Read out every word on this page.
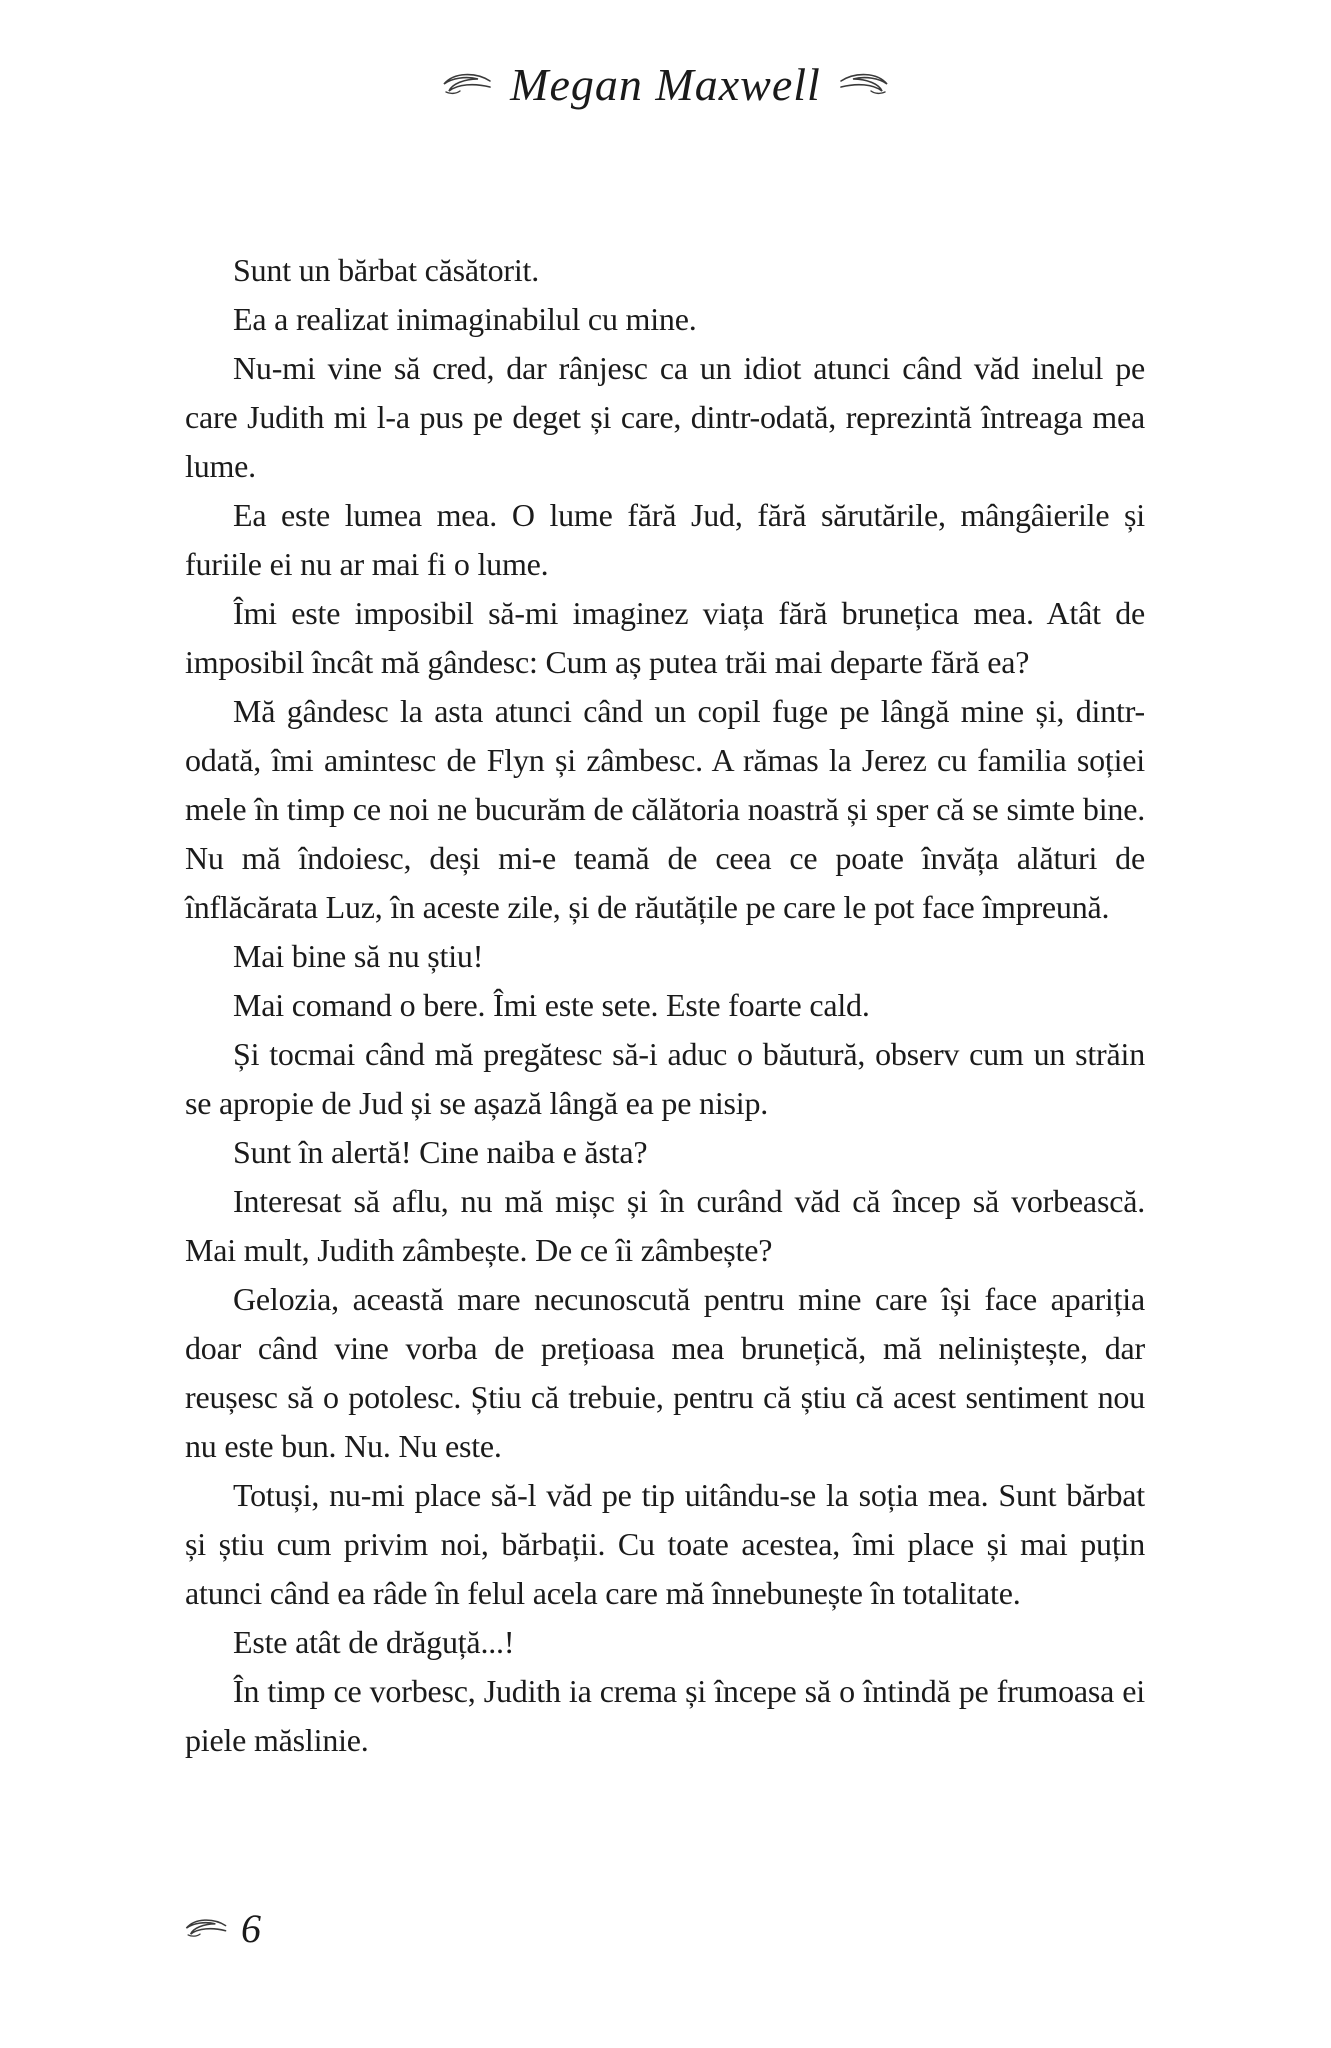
Megan Maxwell

Sunt un bărbat căsătorit.

Ea a realizat inimaginabilul cu mine.

Nu-mi vine să cred, dar rânjesc ca un idiot atunci când văd inelul pe care Judith mi l-a pus pe deget și care, dintr-odată, reprezintă întreaga mea lume.

Ea este lumea mea. O lume fără Jud, fără sărutările, mângâierile și furiile ei nu ar mai fi o lume.

Îmi este imposibil să-mi imaginez viața fără brunețica mea. Atât de imposibil încât mă gândesc: Cum aș putea trăi mai departe fără ea?

Mă gândesc la asta atunci când un copil fuge pe lângă mine și, dintr-odată, îmi amintesc de Flyn și zâmbesc. A rămas la Jerez cu familia soției mele în timp ce noi ne bucurăm de călătoria noastră și sper că se simte bine. Nu mă îndoiesc, deși mi-e teamă de ceea ce poate învăța alături de înflăcărata Luz, în aceste zile, și de răutățile pe care le pot face împreună.

Mai bine să nu știu!

Mai comand o bere. Îmi este sete. Este foarte cald.

Și tocmai când mă pregătesc să-i aduc o băutură, observ cum un străin se apropie de Jud și se așază lângă ea pe nisip.

Sunt în alertă! Cine naiba e ăsta?

Interesat să aflu, nu mă mișc și în curând văd că încep să vorbească. Mai mult, Judith zâmbește. De ce îi zâmbește?

Gelozia, această mare necunoscută pentru mine care își face apariția doar când vine vorba de prețioasa mea brunețică, mă neliniștește, dar reușesc să o potolesc. Știu că trebuie, pentru că știu că acest sentiment nou nu este bun. Nu. Nu este.

Totuși, nu-mi place să-l văd pe tip uitându-se la soția mea. Sunt bărbat și știu cum privim noi, bărbații. Cu toate acestea, îmi place și mai puțin atunci când ea râde în felul acela care mă înnebunește în totalitate.

Este atât de drăguță...!

În timp ce vorbesc, Judith ia crema și începe să o întindă pe frumoasa ei piele măslinie.

6
